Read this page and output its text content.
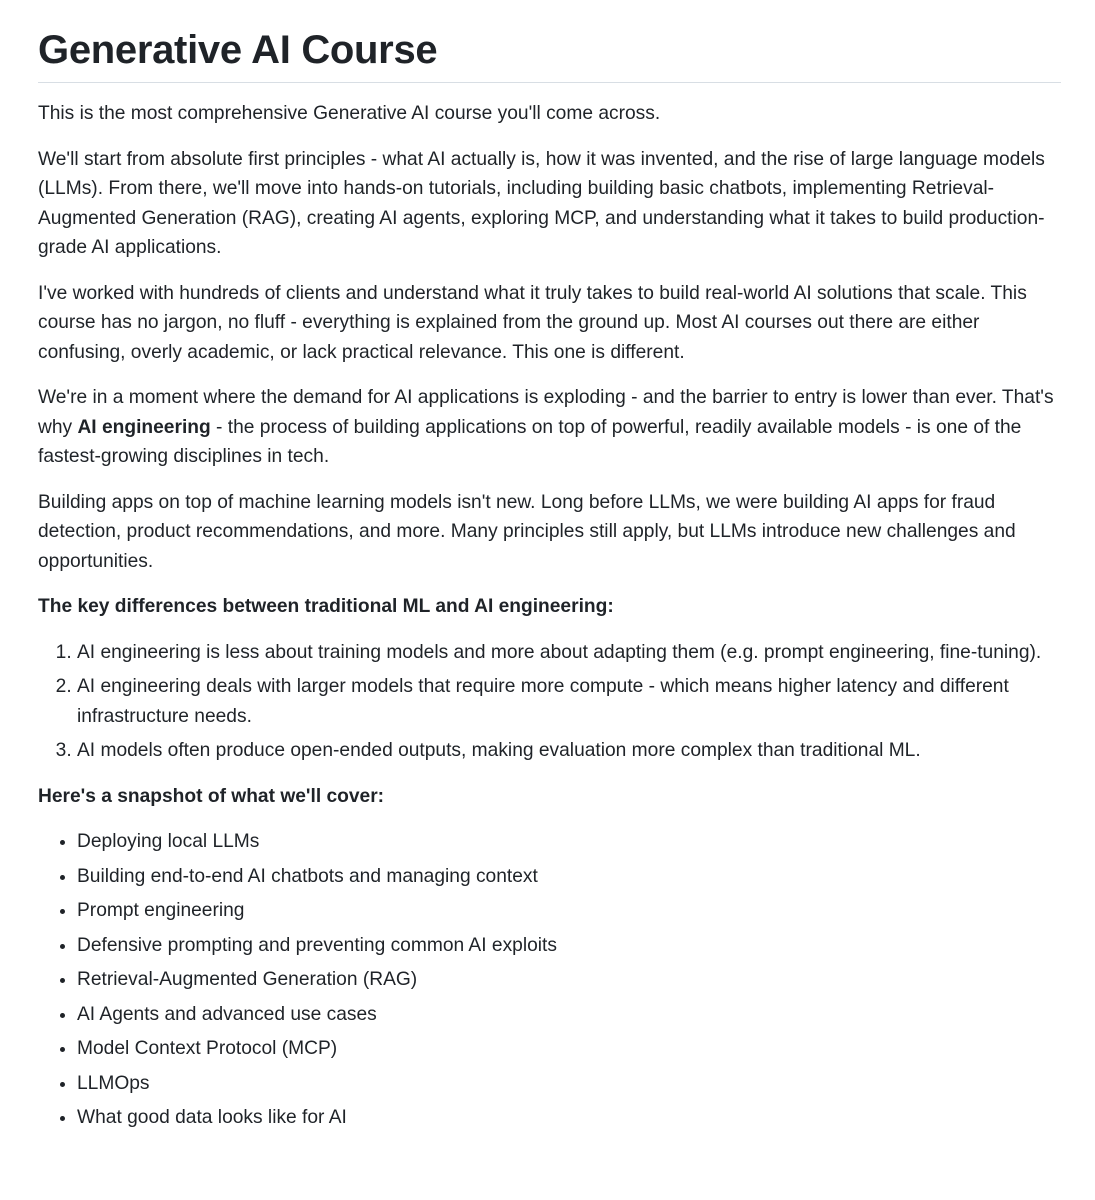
Generative AI Course

This is the most comprehensive Generative AI course you'll come across.

We'll start from absolute first principles - what AI actually is, how it was invented, and the rise of large language models (LLMs). From there, we'll move into hands-on tutorials, including building basic chatbots, implementing Retrieval-Augmented Generation (RAG), creating AI agents, exploring MCP, and understanding what it takes to build production-grade AI applications.

I've worked with hundreds of clients and understand what it truly takes to build real-world AI solutions that scale. This course has no jargon, no fluff - everything is explained from the ground up. Most AI courses out there are either confusing, overly academic, or lack practical relevance. This one is different.

We're in a moment where the demand for AI applications is exploding - and the barrier to entry is lower than ever. That's why AI engineering - the process of building applications on top of powerful, readily available models - is one of the fastest-growing disciplines in tech.

Building apps on top of machine learning models isn't new. Long before LLMs, we were building AI apps for fraud detection, product recommendations, and more. Many principles still apply, but LLMs introduce new challenges and opportunities.

The key differences between traditional ML and AI engineering:

1. AI engineering is less about training models and more about adapting them (e.g. prompt engineering, fine-tuning).
2. AI engineering deals with larger models that require more compute - which means higher latency and different infrastructure needs.
3. AI models often produce open-ended outputs, making evaluation more complex than traditional ML.

Here's a snapshot of what we'll cover:

• Deploying local LLMs
• Building end-to-end AI chatbots and managing context
• Prompt engineering
• Defensive prompting and preventing common AI exploits
• Retrieval-Augmented Generation (RAG)
• AI Agents and advanced use cases
• Model Context Protocol (MCP)
• LLMOps
• What good data looks like for AI
